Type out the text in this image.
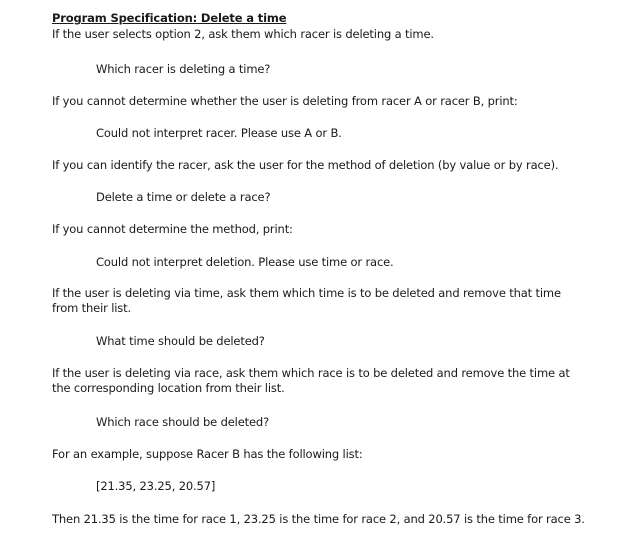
Program Specification: Delete a time
If the user selects option 2, ask them which racer is deleting a time.
Which racer is deleting a time?
If you cannot determine whether the user is deleting from racer A or racer B, print:
Could not interpret racer. Please use A or B.
If you can identify the racer, ask the user for the method of deletion (by value or by race).
Delete a time or delete a race?
If you cannot determine the method, print:
Could not interpret deletion. Please use time or race.
If the user is deleting via time, ask them which time is to be deleted and remove that time from their list.
What time should be deleted?
If the user is deleting via race, ask them which race is to be deleted and remove the time at the corresponding location from their list.
Which race should be deleted?
For an example, suppose Racer B has the following list:
[21.35, 23.25, 20.57]
Then 21.35 is the time for race 1, 23.25 is the time for race 2, and 20.57 is the time for race 3.
